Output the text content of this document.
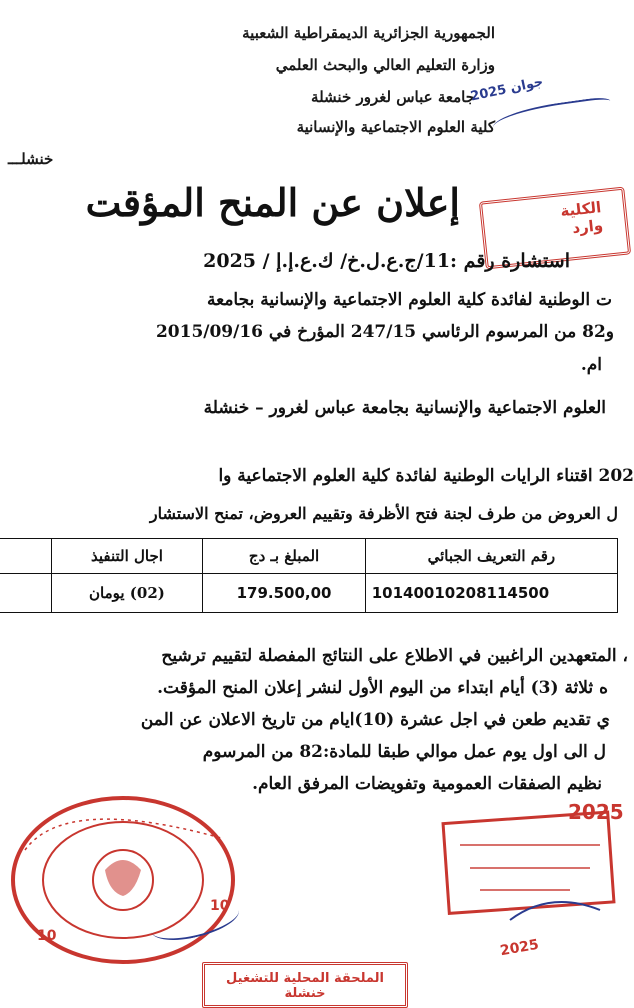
الجمهورية الجزائرية الديمقراطية الشعبية
وزارة التعليم العالي والبحث العلمي
جامعة عباس لغرور خنشلة
كلية العلوم الاجتماعية والإنسانية
خنشلـــ
جوان 2025
الكلية
وارد
إعلان عن المنح المؤقت
استشارة رقم :11/ج.ع.ل.خ/ ك.ع.إ.إ / 2025
ت الوطنية لفائدة كلية العلوم الاجتماعية والإنسانية بجامعة
و82 من المرسوم الرئاسي 247/15 المؤرخ في 2015/09/16
ام.
العلوم الاجتماعية والإنسانية بجامعة عباس لغرور – خنشلة
202 اقتناء الرايات الوطنية لفائدة كلية العلوم الاجتماعية وا
ل العروض من طرف لجنة فتح الأظرفة وتقييم العروض، تمنح الاستشار
رقم التعريف الجبائي	المبلغ بـ دج	اجال التنفيذ	
10140010208114500	179.500,00	(02) يومان	
، المتعهدين الراغبين في الاطلاع على النتائج المفصلة لتقييم ترشيح
ه ثلاثة (3) أيام ابتداء من اليوم الأول لنشر إعلان المنح المؤقت.
ي تقديم طعن في اجل عشرة (10)ايام من تاريخ الاعلان عن المن
ل الى اول يوم عمل موالي طبقا للمادة:82 من المرسوم
نظيم الصفقات العمومية وتفويضات المرفق العام.
10
10
2025
الملحقة المحلية للتشغيل خنشلة
2025
